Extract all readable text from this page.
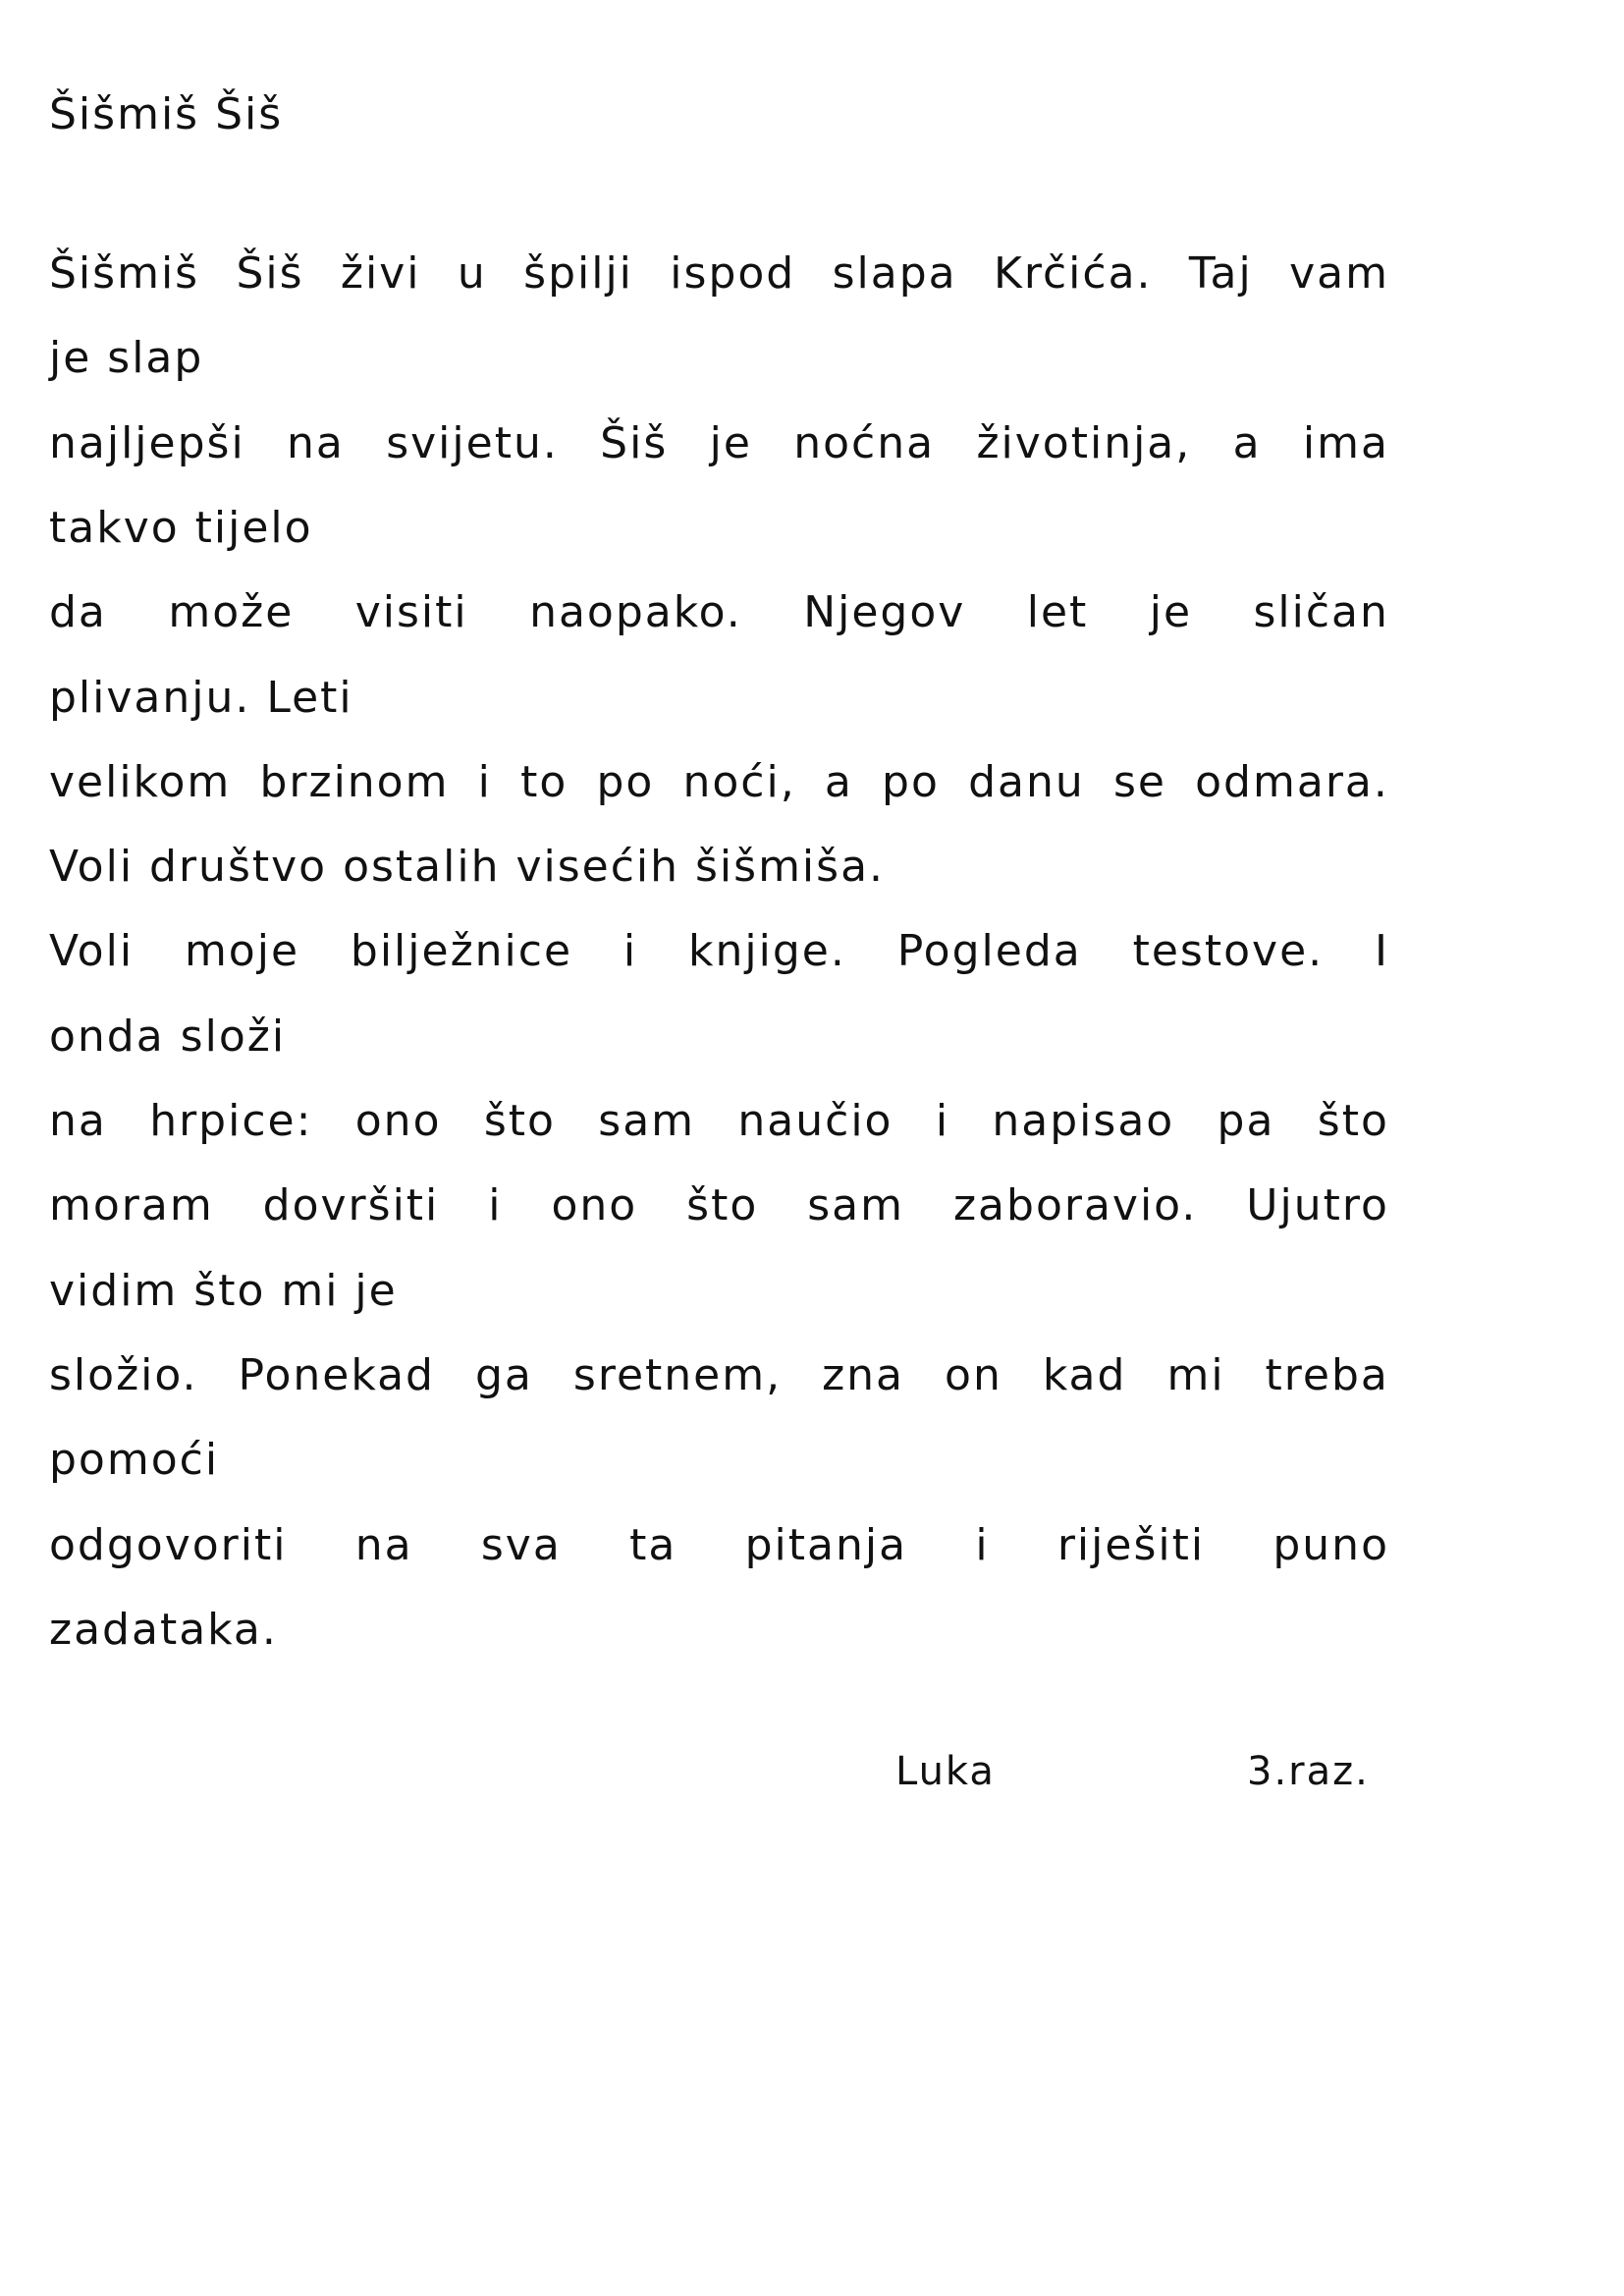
Šišmiš Šiš
Šišmiš Šiš živi u špilji ispod slapa Krčića. Taj vam
je slap
najljepši na svijetu. Šiš je noćna životinja, a ima
takvo tijelo
da može visiti naopako. Njegov let je sličan
plivanju. Leti
velikom brzinom i to po noći, a po danu se odmara.
Voli društvo ostalih visećih šišmiša.
Voli moje bilježnice i knjige. Pogleda testove. I
onda složi
na hrpice: ono što sam naučio i napisao pa što
moram dovršiti i ono što sam zaboravio. Ujutro
vidim što mi je
složio. Ponekad ga sretnem, zna on kad mi treba
pomoći
odgovoriti na sva ta pitanja i riješiti puno
zadataka.
Luka	3.raz.
